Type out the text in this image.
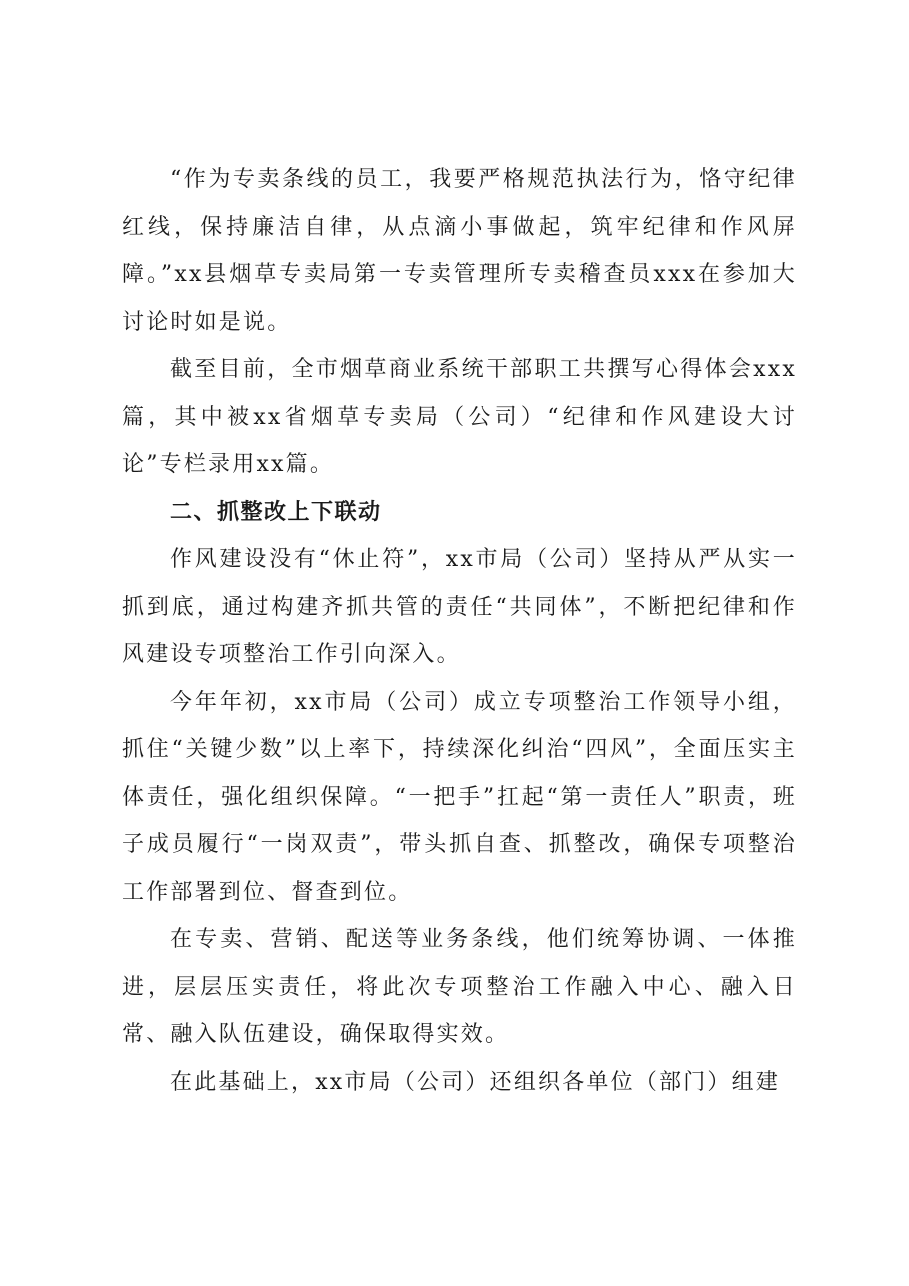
“作为专卖条线的员工，我要严格规范执法行为，恪守纪律红线，保持廉洁自律，从点滴小事做起，筑牢纪律和作风屏障。”xx县烟草专卖局第一专卖管理所专卖稽查员xxx在参加大讨论时如是说。

截至目前，全市烟草商业系统干部职工共撰写心得体会xxx篇，其中被xx省烟草专卖局（公司）“纪律和作风建设大讨论”专栏录用xx篇。

二、抓整改上下联动

作风建设没有“休止符”，xx市局（公司）坚持从严从实一抓到底，通过构建齐抓共管的责任“共同体”，不断把纪律和作风建设专项整治工作引向深入。

今年年初，xx市局（公司）成立专项整治工作领导小组，抓住“关键少数”以上率下，持续深化纠治“四风”，全面压实主体责任，强化组织保障。“一把手”扛起“第一责任人”职责，班子成员履行“一岗双责”，带头抓自查、抓整改，确保专项整治工作部署到位、督查到位。

在专卖、营销、配送等业务条线，他们统筹协调、一体推进，层层压实责任，将此次专项整治工作融入中心、融入日常、融入队伍建设，确保取得实效。

在此基础上，xx市局（公司）还组织各单位（部门）组建
